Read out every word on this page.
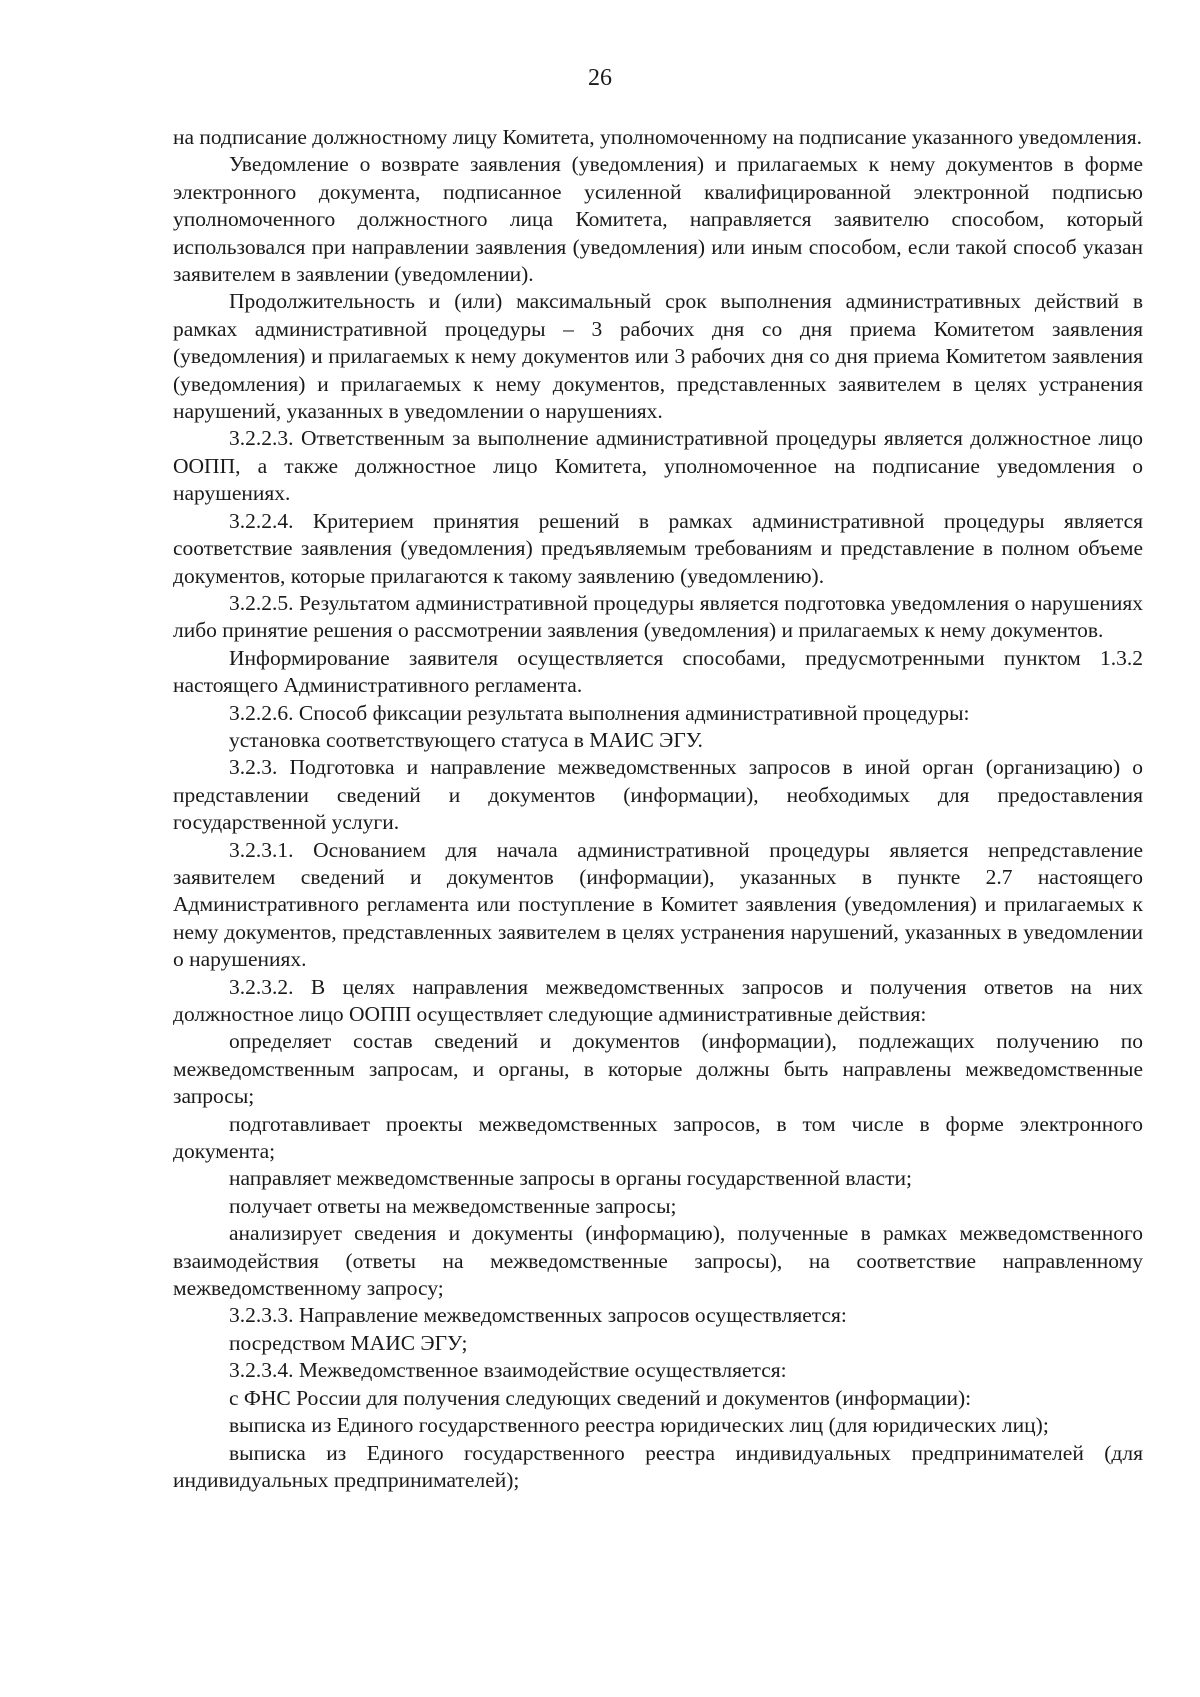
26

на подписание должностному лицу Комитета, уполномоченному на подписание указанного уведомления.

Уведомление о возврате заявления (уведомления) и прилагаемых к нему документов в форме электронного документа, подписанное усиленной квалифицированной электронной подписью уполномоченного должностного лица Комитета, направляется заявителю способом, который использовался при направлении заявления (уведомления) или иным способом, если такой способ указан заявителем в заявлении (уведомлении).

Продолжительность и (или) максимальный срок выполнения административных действий в рамках административной процедуры – 3 рабочих дня со дня приема Комитетом заявления (уведомления) и прилагаемых к нему документов или 3 рабочих дня со дня приема Комитетом заявления (уведомления) и прилагаемых к нему документов, представленных заявителем в целях устранения нарушений, указанных в уведомлении о нарушениях.

3.2.2.3. Ответственным за выполнение административной процедуры является должностное лицо ООПП, а также должностное лицо Комитета, уполномоченное на подписание уведомления о нарушениях.

3.2.2.4. Критерием принятия решений в рамках административной процедуры является соответствие заявления (уведомления) предъявляемым требованиям и представление в полном объеме документов, которые прилагаются к такому заявлению (уведомлению).

3.2.2.5. Результатом административной процедуры является подготовка уведомления о нарушениях либо принятие решения о рассмотрении заявления (уведомления) и прилагаемых к нему документов.

Информирование заявителя осуществляется способами, предусмотренными пунктом 1.3.2 настоящего Административного регламента.

3.2.2.6. Способ фиксации результата выполнения административной процедуры:

установка соответствующего статуса в МАИС ЭГУ.

3.2.3. Подготовка и направление межведомственных запросов в иной орган (организацию) о представлении сведений и документов (информации), необходимых для предоставления государственной услуги.

3.2.3.1. Основанием для начала административной процедуры является непредставление заявителем сведений и документов (информации), указанных в пункте 2.7 настоящего Административного регламента или поступление в Комитет заявления (уведомления) и прилагаемых к нему документов, представленных заявителем в целях устранения нарушений, указанных в уведомлении о нарушениях.

3.2.3.2. В целях направления межведомственных запросов и получения ответов на них должностное лицо ООПП осуществляет следующие административные действия:

определяет состав сведений и документов (информации), подлежащих получению по межведомственным запросам, и органы, в которые должны быть направлены межведомственные запросы;

подготавливает проекты межведомственных запросов, в том числе в форме электронного документа;

направляет межведомственные запросы в органы государственной власти;

получает ответы на межведомственные запросы;

анализирует сведения и документы (информацию), полученные в рамках межведомственного взаимодействия (ответы на межведомственные запросы), на соответствие направленному межведомственному запросу;

3.2.3.3. Направление межведомственных запросов осуществляется:

посредством МАИС ЭГУ;

3.2.3.4. Межведомственное взаимодействие осуществляется:

с ФНС России для получения следующих сведений и документов (информации):

выписка из Единого государственного реестра юридических лиц (для юридических лиц);

выписка из Единого государственного реестра индивидуальных предпринимателей (для индивидуальных предпринимателей);
